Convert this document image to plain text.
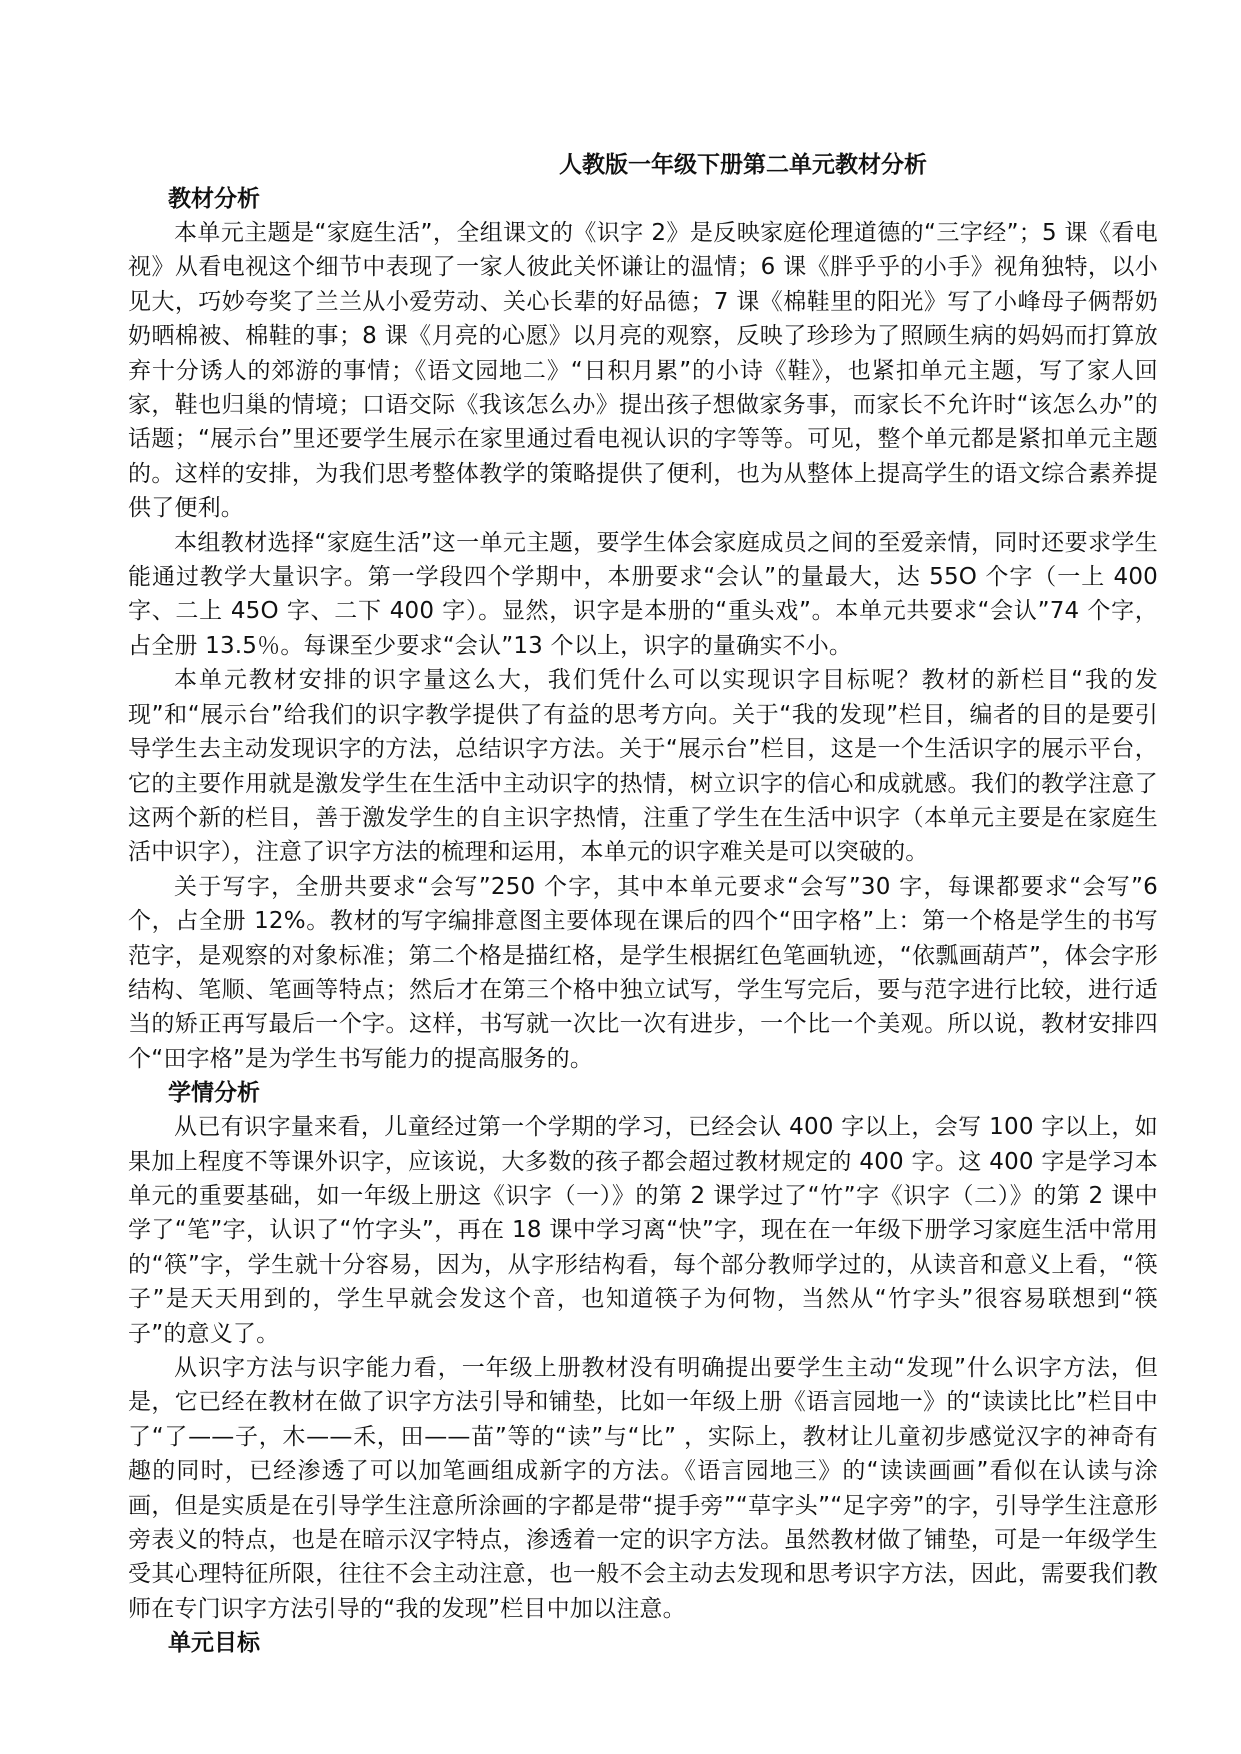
人教版一年级下册第二单元教材分析
教材分析

本单元主题是“家庭生活”，全组课文的《识字 2》是反映家庭伦理道德的“三字经”；5 课《看电视》从看电视这个细节中表现了一家人彼此关怀谦让的温情；6 课《胖乎乎的小手》视角独特，以小见大，巧妙夸奖了兰兰从小爱劳动、关心长辈的好品德；7 课《棉鞋里的阳光》写了小峰母子俩帮奶奶晒棉被、棉鞋的事；8 课《月亮的心愿》以月亮的观察，反映了珍珍为了照顾生病的妈妈而打算放弃十分诱人的郊游的事情；《语文园地二》“日积月累”的小诗《鞋》，也紧扣单元主题，写了家人回家，鞋也归巢的情境；口语交际《我该怎么办》提出孩子想做家务事，而家长不允许时“该怎么办”的话题；“展示台”里还要学生展示在家里通过看电视认识的字等等。可见，整个单元都是紧扣单元主题的。这样的安排，为我们思考整体教学的策略提供了便利，也为从整体上提高学生的语文综合素养提供了便利。

本组教材选择“家庭生活”这一单元主题，要学生体会家庭成员之间的至爱亲情，同时还要求学生能通过教学大量识字。第一学段四个学期中，本册要求“会认”的量最大，达 55O 个字（一上 400 字、二上 45O 字、二下 400 字）。显然，识字是本册的“重头戏”。本单元共要求“会认”74 个字，占全册 13.5％。每课至少要求“会认”13 个以上，识字的量确实不小。

本单元教材安排的识字量这么大，我们凭什么可以实现识字目标呢？教材的新栏目“我的发现”和“展示台”给我们的识字教学提供了有益的思考方向。关于“我的发现”栏目，编者的目的是要引导学生去主动发现识字的方法，总结识字方法。关于“展示台”栏目，这是一个生活识字的展示平台，它的主要作用就是激发学生在生活中主动识字的热情，树立识字的信心和成就感。我们的教学注意了这两个新的栏目，善于激发学生的自主识字热情，注重了学生在生活中识字（本单元主要是在家庭生活中识字），注意了识字方法的梳理和运用，本单元的识字难关是可以突破的。

关于写字，全册共要求“会写”250 个字，其中本单元要求“会写”30 字，每课都要求“会写”6 个，占全册 12%。教材的写字编排意图主要体现在课后的四个“田字格”上：第一个格是学生的书写范字，是观察的对象标准；第二个格是描红格，是学生根据红色笔画轨迹，“依瓢画葫芦”，体会字形结构、笔顺、笔画等特点；然后才在第三个格中独立试写，学生写完后，要与范字进行比较，进行适当的矫正再写最后一个字。这样，书写就一次比一次有进步，一个比一个美观。所以说，教材安排四个“田字格”是为学生书写能力的提高服务的。

学情分析

从已有识字量来看，儿童经过第一个学期的学习，已经会认 400 字以上，会写 100 字以上，如果加上程度不等课外识字，应该说，大多数的孩子都会超过教材规定的 400 字。这 400 字是学习本单元的重要基础，如一年级上册这《识字（一）》的第 2 课学过了“竹”字《识字（二）》的第 2 课中学了“笔”字，认识了“竹字头”，再在 18 课中学习离“快”字，现在在一年级下册学习家庭生活中常用的“筷”字，学生就十分容易，因为，从字形结构看，每个部分教师学过的，从读音和意义上看，“筷子”是天天用到的，学生早就会发这个音，也知道筷子为何物，当然从“竹字头”很容易联想到“筷子”的意义了。

从识字方法与识字能力看，一年级上册教材没有明确提出要学生主动“发现”什么识字方法，但是，它已经在教材在做了识字方法引导和铺垫，比如一年级上册《语言园地一》的“读读比比”栏目中了“了——子，木——禾，田——苗”等的“读”与“比” ，实际上，教材让儿童初步感觉汉字的神奇有趣的同时，已经渗透了可以加笔画组成新字的方法。《语言园地三》的“读读画画”看似在认读与涂画，但是实质是在引导学生注意所涂画的字都是带“提手旁”“草字头”“足字旁”的字，引导学生注意形旁表义的特点，也是在暗示汉字特点，渗透着一定的识字方法。虽然教材做了铺垫，可是一年级学生受其心理特征所限，往往不会主动注意，也一般不会主动去发现和思考识字方法，因此，需要我们教师在专门识字方法引导的“我的发现”栏目中加以注意。

单元目标
